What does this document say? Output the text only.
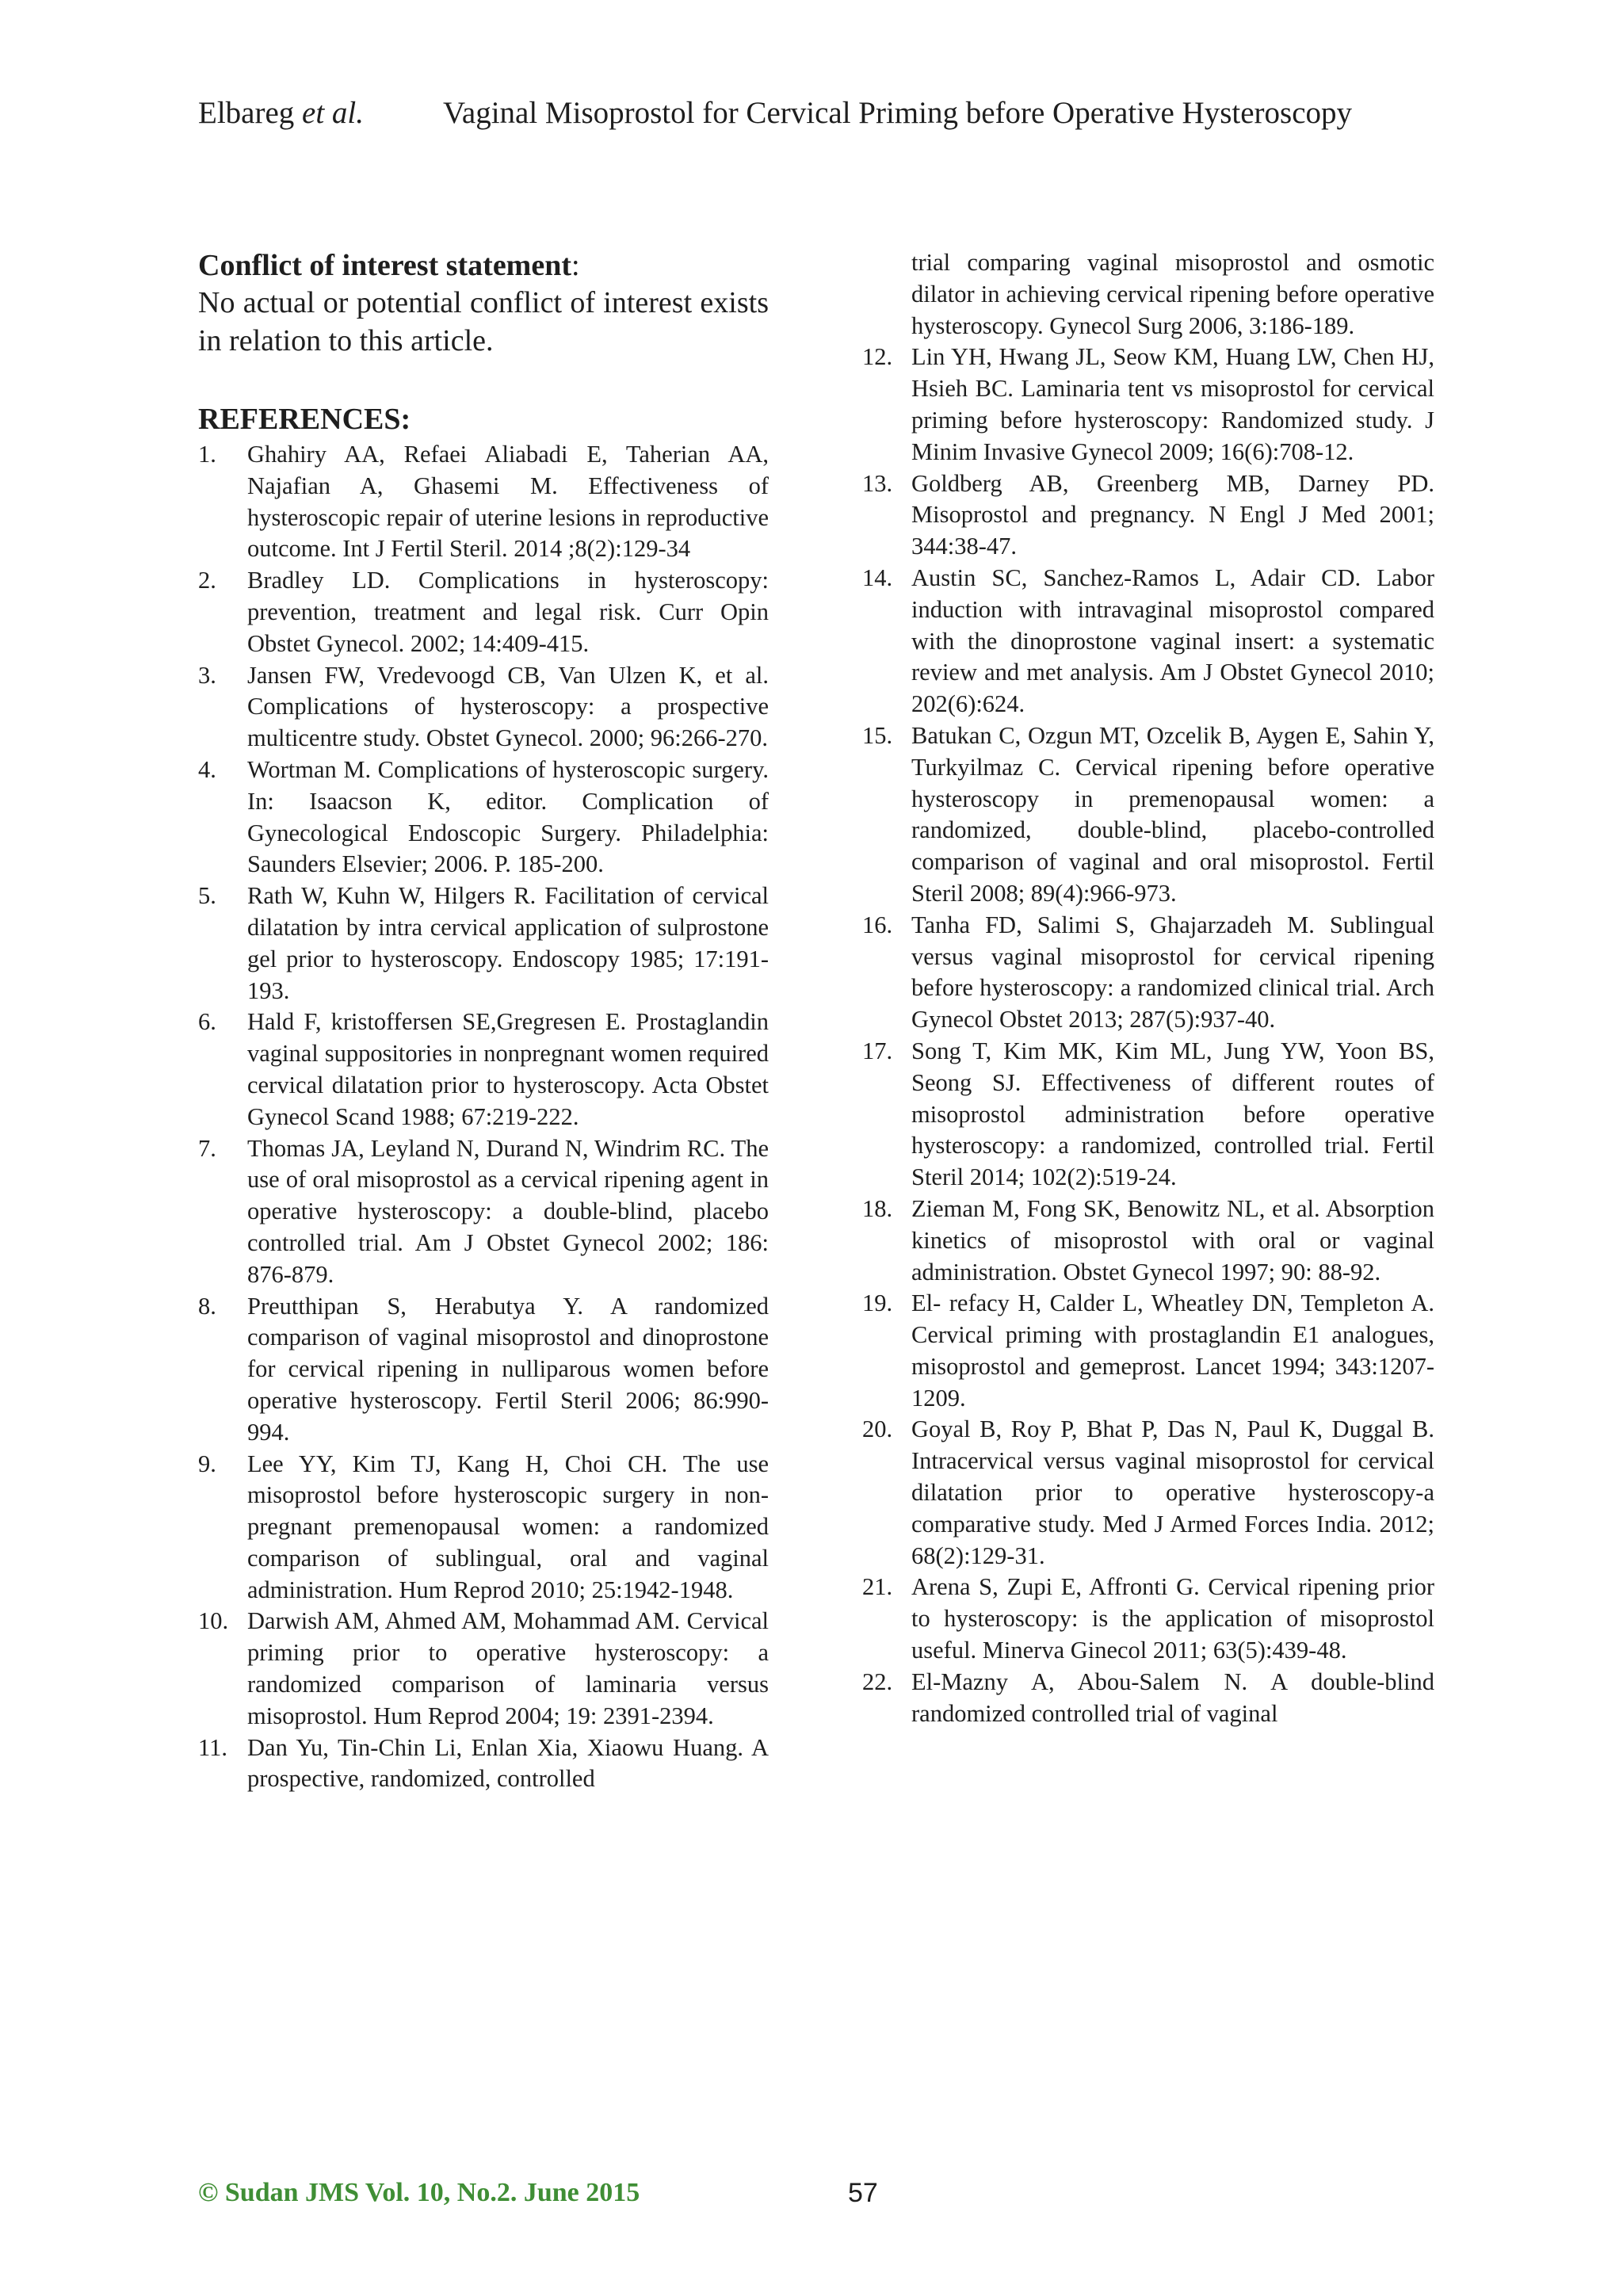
Elbareg et al.	Vaginal Misoprostol for Cervical Priming before Operative Hysteroscopy
Conflict of interest statement:
No actual or potential conflict of interest exists in relation to this article.
REFERENCES:
1. Ghahiry AA, Refaei Aliabadi E, Taherian AA, Najafian A, Ghasemi M. Effectiveness of hysteroscopic repair of uterine lesions in reproductive outcome. Int J Fertil Steril. 2014 ;8(2):129-34
2. Bradley LD. Complications in hysteroscopy: prevention, treatment and legal risk. Curr Opin Obstet Gynecol. 2002; 14:409-415.
3. Jansen FW, Vredevoogd CB, Van Ulzen K, et al. Complications of hysteroscopy: a prospective multicentre study. Obstet Gynecol. 2000; 96:266-270.
4. Wortman M. Complications of hysteroscopic surgery. In: Isaacson K, editor. Complication of Gynecological Endoscopic Surgery. Philadelphia: Saunders Elsevier; 2006. P. 185-200.
5. Rath W, Kuhn W, Hilgers R. Facilitation of cervical dilatation by intra cervical application of sulprostone gel prior to hysteroscopy. Endoscopy 1985; 17:191-193.
6. Hald F, kristoffersen SE,Gregresen E. Prostaglandin vaginal suppositories in nonpregnant women required cervical dilatation prior to hysteroscopy. Acta Obstet Gynecol Scand 1988; 67:219-222.
7. Thomas JA, Leyland N, Durand N, Windrim RC. The use of oral misoprostol as a cervical ripening agent in operative hysteroscopy: a double-blind, placebo controlled trial. Am J Obstet Gynecol 2002; 186: 876-879.
8. Preutthipan S, Herabutya Y. A randomized comparison of vaginal misoprostol and dinoprostone for cervical ripening in nulliparous women before operative hysteroscopy. Fertil Steril 2006; 86:990-994.
9. Lee YY, Kim TJ, Kang H, Choi CH. The use misoprostol before hysteroscopic surgery in non-pregnant premenopausal women: a randomized comparison of sublingual, oral and vaginal administration. Hum Reprod 2010; 25:1942-1948.
10. Darwish AM, Ahmed AM, Mohammad AM. Cervical priming prior to operative hysteroscopy: a randomized comparison of laminaria versus misoprostol. Hum Reprod 2004; 19: 2391-2394.
11. Dan Yu, Tin-Chin Li, Enlan Xia, Xiaowu Huang. A prospective, randomized, controlled
trial comparing vaginal misoprostol and osmotic dilator in achieving cervical ripening before operative hysteroscopy. Gynecol Surg 2006, 3:186-189.
12. Lin YH, Hwang JL, Seow KM, Huang LW, Chen HJ, Hsieh BC. Laminaria tent vs misoprostol for cervical priming before hysteroscopy: Randomized study. J Minim Invasive Gynecol 2009; 16(6):708-12.
13. Goldberg AB, Greenberg MB, Darney PD. Misoprostol and pregnancy. N Engl J Med 2001; 344:38-47.
14. Austin SC, Sanchez-Ramos L, Adair CD. Labor induction with intravaginal misoprostol compared with the dinoprostone vaginal insert: a systematic review and met analysis. Am J Obstet Gynecol 2010; 202(6):624.
15. Batukan C, Ozgun MT, Ozcelik B, Aygen E, Sahin Y, Turkyilmaz C. Cervical ripening before operative hysteroscopy in premenopausal women: a randomized, double-blind, placebo-controlled comparison of vaginal and oral misoprostol. Fertil Steril 2008; 89(4):966-973.
16. Tanha FD, Salimi S, Ghajarzadeh M. Sublingual versus vaginal misoprostol for cervical ripening before hysteroscopy: a randomized clinical trial. Arch Gynecol Obstet 2013; 287(5):937-40.
17. Song T, Kim MK, Kim ML, Jung YW, Yoon BS, Seong SJ. Effectiveness of different routes of misoprostol administration before operative hysteroscopy: a randomized, controlled trial. Fertil Steril 2014; 102(2):519-24.
18. Zieman M, Fong SK, Benowitz NL, et al. Absorption kinetics of misoprostol with oral or vaginal administration. Obstet Gynecol 1997; 90: 88-92.
19. El- refacy H, Calder L, Wheatley DN, Templeton A. Cervical priming with prostaglandin E1 analogues, misoprostol and gemeprost. Lancet 1994; 343:1207-1209.
20. Goyal B, Roy P, Bhat P, Das N, Paul K, Duggal B. Intracervical versus vaginal misoprostol for cervical dilatation prior to operative hysteroscopy-a comparative study. Med J Armed Forces India. 2012; 68(2):129-31.
21. Arena S, Zupi E, Affronti G. Cervical ripening prior to hysteroscopy: is the application of misoprostol useful. Minerva Ginecol 2011; 63(5):439-48.
22. El-Mazny A, Abou-Salem N. A double-blind randomized controlled trial of vaginal
© Sudan JMS Vol. 10, No.2. June 2015	57
